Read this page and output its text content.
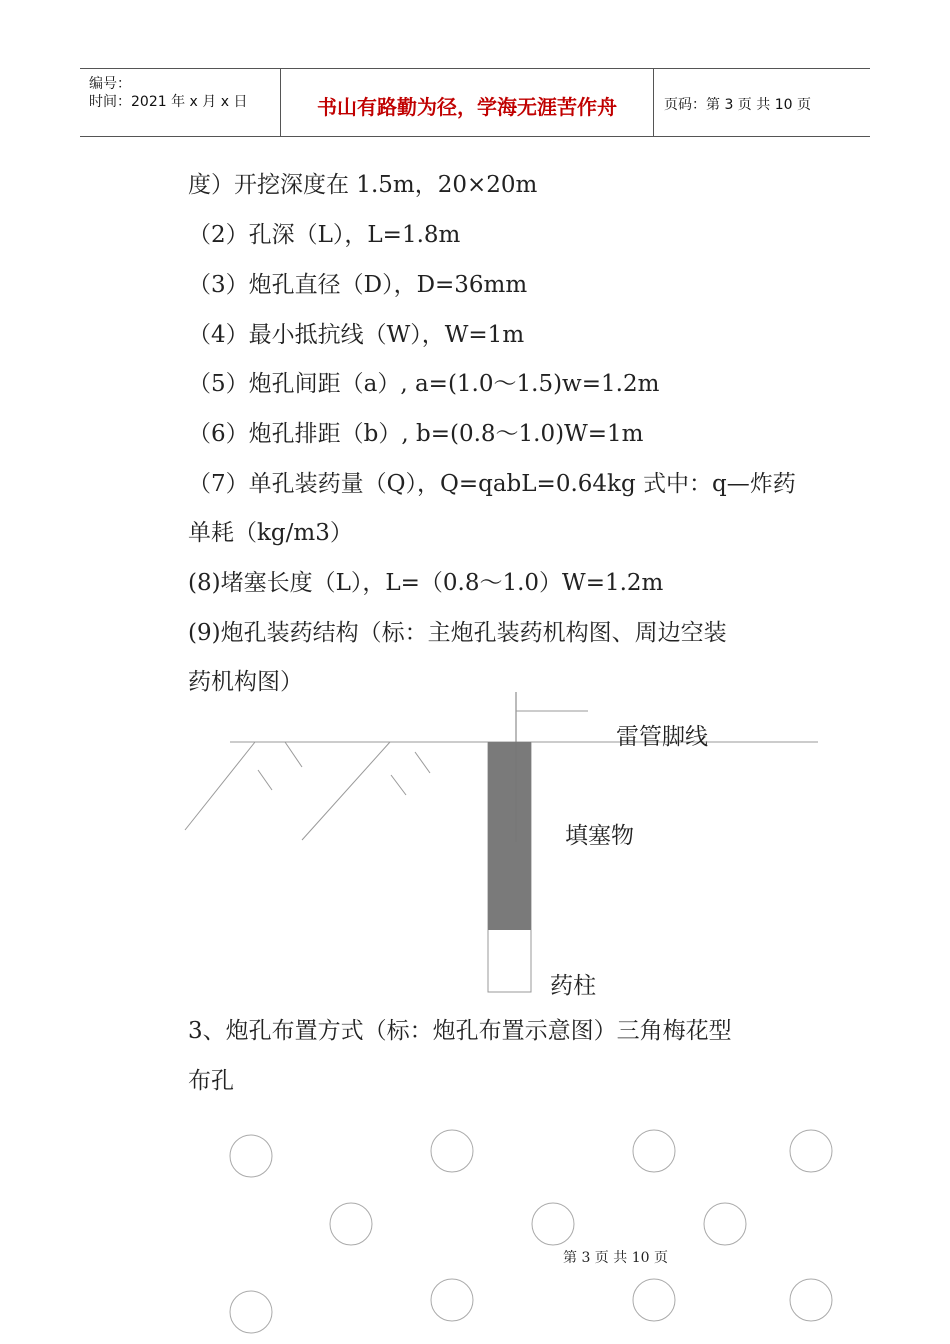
编号：
时间：2021 年 x 月 x 日	书山有路勤为径，学海无涯苦作舟	页码：第 3 页 共 10 页
度）开挖深度在 1.5m，20×20m
（2）孔深（L），L=1.8m
（3）炮孔直径（D），D=36mm
（4）最小抵抗线（W），W=1m
（5）炮孔间距（a）, a=(1.0～1.5)w=1.2m
（6）炮孔排距（b）, b=(0.8～1.0)W=1m
（7）单孔装药量（Q），Q=qabL=0.64kg 式中：q—炸药
单耗（kg/m3）
(8)堵塞长度（L），L=（0.8～1.0）W=1.2m
(9)炮孔装药结构（标：主炮孔装药机构图、周边空装
药机构图）
雷管脚线
填塞物
药柱
3、炮孔布置方式（标：炮孔布置示意图）三角梅花型
布孔
第 3 页 共 10 页
